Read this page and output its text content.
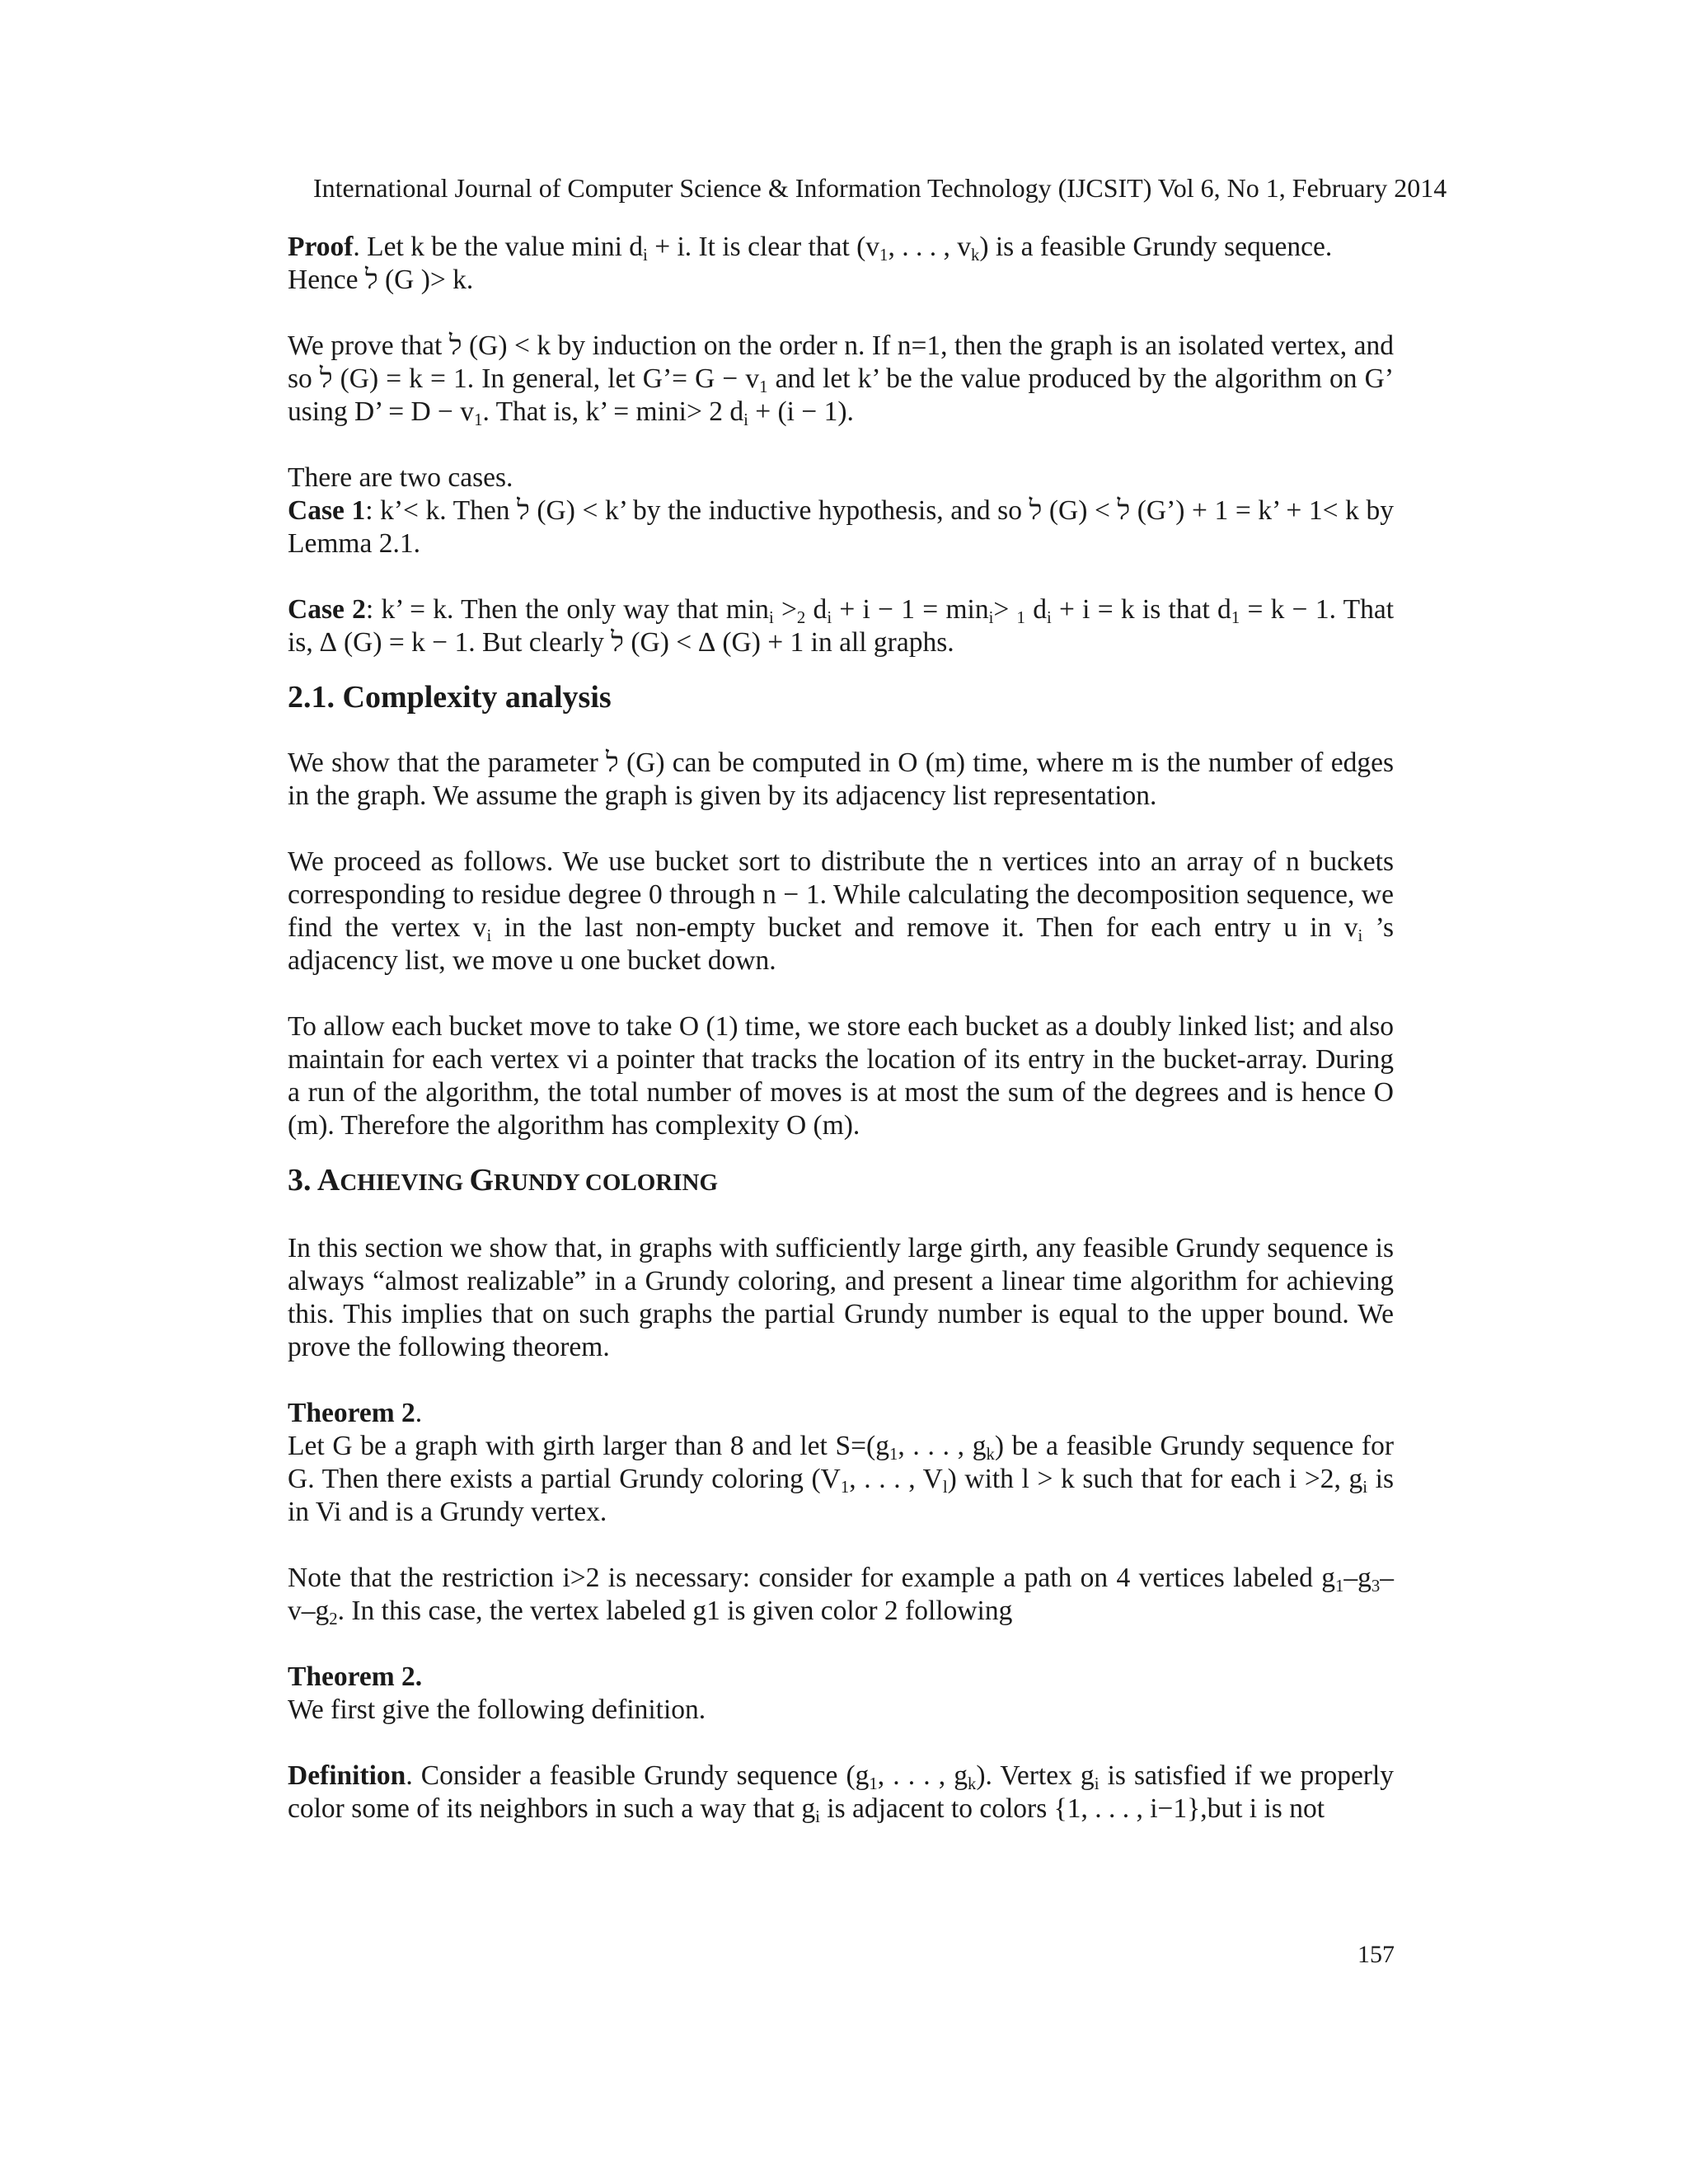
International Journal of Computer Science & Information Technology (IJCSIT) Vol 6, No 1, February 2014

Proof. Let k be the value mini $d_i + i$. It is clear that ($v_1$, . . . , $v_k$) is a feasible Grundy sequence.
Hence ל (G )> k.

We prove that ל (G) < k by induction on the order n. If n=1, then the graph is an isolated vertex, and so ל (G) = k = 1. In general, let G’= $G - v_1$ and let k’ be the value produced by the algorithm on G’ using D’ = $D - v_1$. That is, k’ = mini> 2 $d_i + (i - 1)$.

There are two cases.

Case 1: k’< k. Then ל (G) < k’ by the inductive hypothesis, and so ל (G) < ל (G’) + 1 = k’ + 1< k by Lemma 2.1.

Case 2: k’ = k. Then the only way that $\min_i >_2$ $d_i + i - 1 = \min_i> _1$ $d_i + i = k$ is that $d_1 = k - 1$. That is, ∆ (G) = k − 1. But clearly ל (G) < ∆ (G) + 1 in all graphs.

2.1. Complexity analysis

We show that the parameter ל (G) can be computed in O (m) time, where m is the number of edges in the graph. We assume the graph is given by its adjacency list representation.

We proceed as follows. We use bucket sort to distribute the n vertices into an array of n buckets corresponding to residue degree 0 through n − 1. While calculating the decomposition sequence, we find the vertex $v_i$ in the last non-empty bucket and remove it. Then for each entry u in $v_i$ ’s adjacency list, we move u one bucket down.

To allow each bucket move to take O (1) time, we store each bucket as a doubly linked list; and also maintain for each vertex vi a pointer that tracks the location of its entry in the bucket-array. During a run of the algorithm, the total number of moves is at most the sum of the degrees and is hence O (m). Therefore the algorithm has complexity O (m).

3. ACHIEVING GRUNDY COLORING

In this section we show that, in graphs with sufficiently large girth, any feasible Grundy sequence is always “almost realizable” in a Grundy coloring, and present a linear time algorithm for achieving this. This implies that on such graphs the partial Grundy number is equal to the upper bound. We prove the following theorem.

Theorem 2.

Let G be a graph with girth larger than 8 and let $S=(g_1$, . . . , $g_k$) be a feasible Grundy sequence for G. Then there exists a partial Grundy coloring ($V_1$, . . . , $V_l$) with l > k such that for each i >2, $g_i$ is in Vi and is a Grundy vertex.

Note that the restriction i>2 is necessary: consider for example a path on 4 vertices labeled $g_1-g_3-v-g_2$. In this case, the vertex labeled g1 is given color 2 following

Theorem 2.

We first give the following definition.

Definition. Consider a feasible Grundy sequence ($g_1$, . . . , $g_k$). Vertex $g_i$ is satisfied if we properly color some of its neighbors in such a way that $g_i$ is adjacent to colors {1, . . . , i−1},but i is not

157
